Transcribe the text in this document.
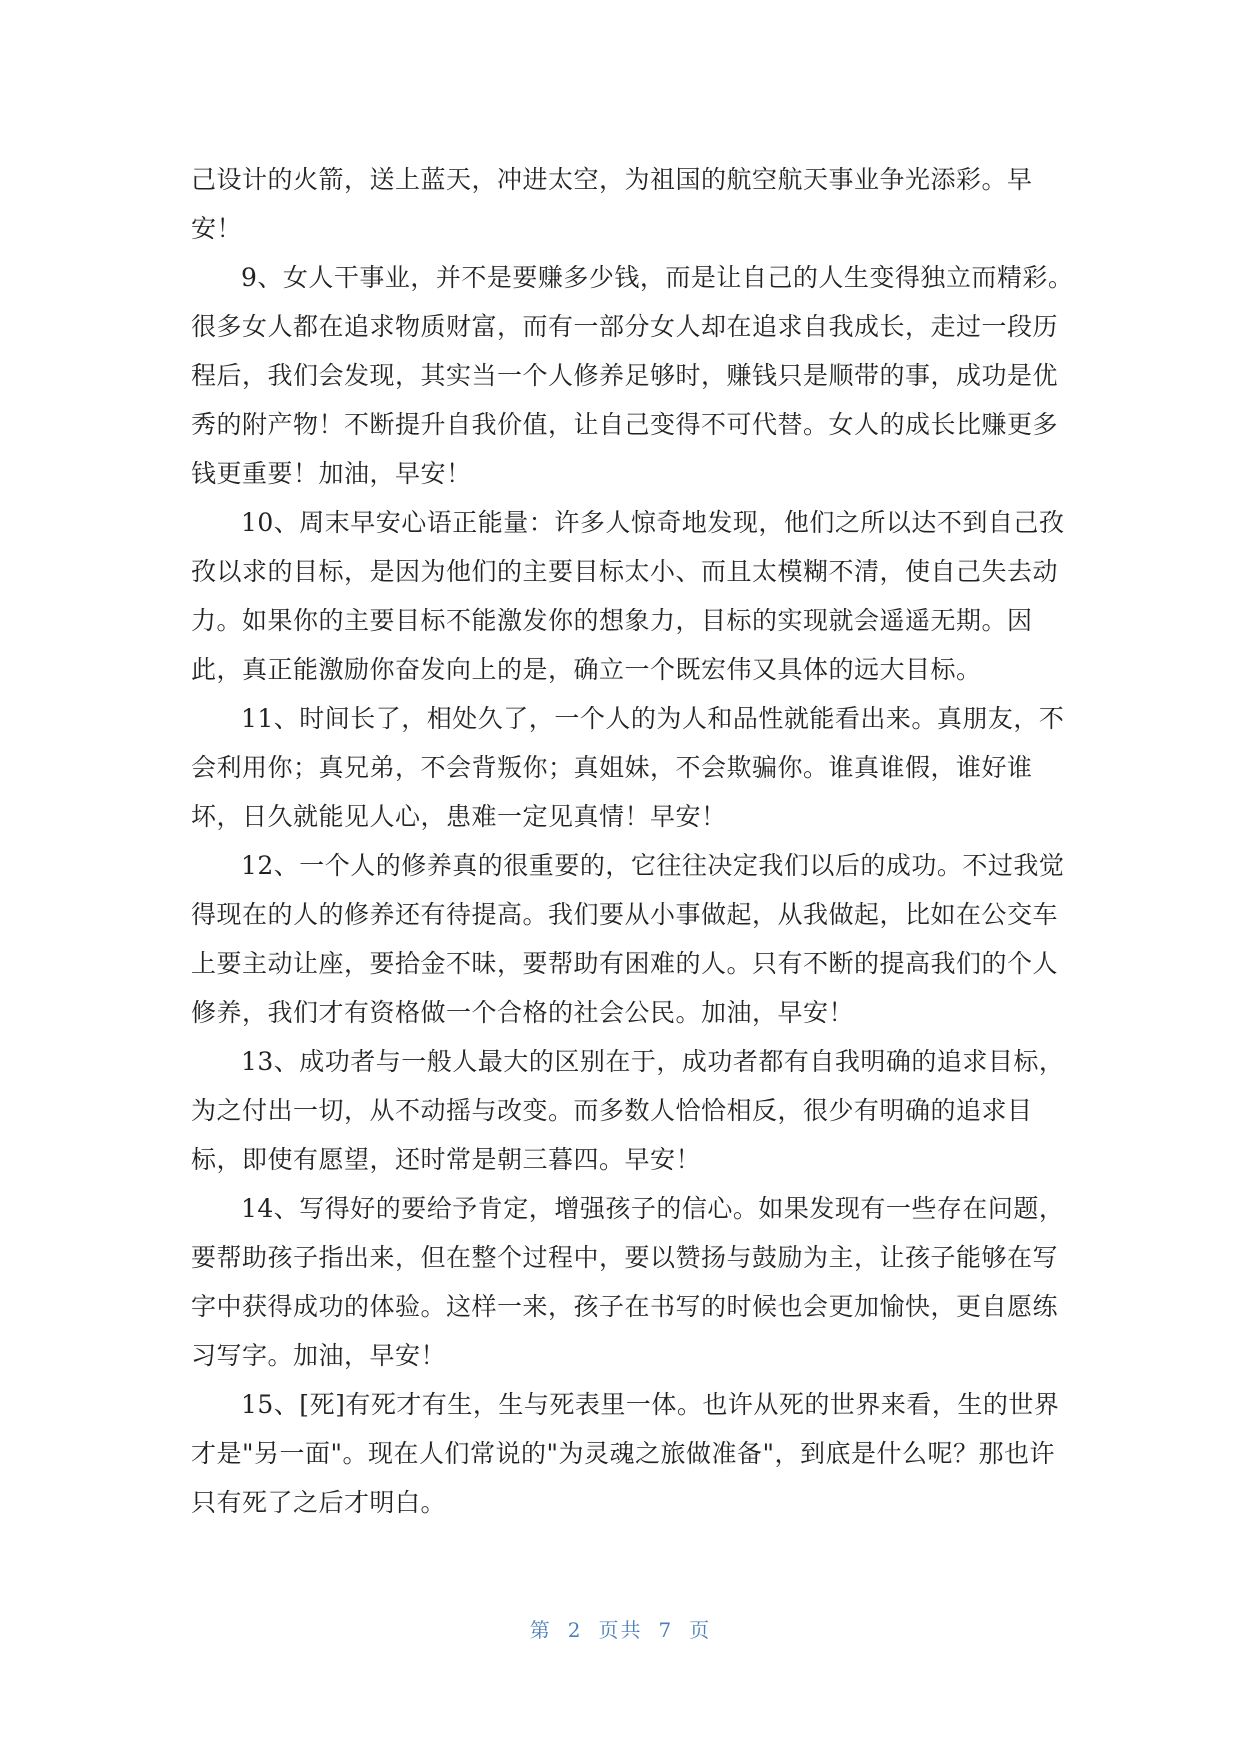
己设计的火箭，送上蓝天，冲进太空，为祖国的航空航天事业争光添彩。早
安！

9、女人干事业，并不是要赚多少钱，而是让自己的人生变得独立而精彩。
很多女人都在追求物质财富，而有一部分女人却在追求自我成长，走过一段历
程后，我们会发现，其实当一个人修养足够时，赚钱只是顺带的事，成功是优
秀的附产物！不断提升自我价值，让自己变得不可代替。女人的成长比赚更多
钱更重要！加油，早安！

10、周末早安心语正能量：许多人惊奇地发现，他们之所以达不到自己孜
孜以求的目标，是因为他们的主要目标太小、而且太模糊不清，使自己失去动
力。如果你的主要目标不能激发你的想象力，目标的实现就会遥遥无期。因
此，真正能激励你奋发向上的是，确立一个既宏伟又具体的远大目标。

11、时间长了，相处久了，一个人的为人和品性就能看出来。真朋友，不
会利用你；真兄弟，不会背叛你；真姐妹，不会欺骗你。谁真谁假，谁好谁
坏，日久就能见人心，患难一定见真情！早安！

12、一个人的修养真的很重要的，它往往决定我们以后的成功。不过我觉
得现在的人的修养还有待提高。我们要从小事做起，从我做起，比如在公交车
上要主动让座，要拾金不昧，要帮助有困难的人。只有不断的提高我们的个人
修养，我们才有资格做一个合格的社会公民。加油，早安！

13、成功者与一般人最大的区别在于，成功者都有自我明确的追求目标，
为之付出一切，从不动摇与改变。而多数人恰恰相反，很少有明确的追求目
标，即使有愿望，还时常是朝三暮四。早安！

14、写得好的要给予肯定，增强孩子的信心。如果发现有一些存在问题，
要帮助孩子指出来，但在整个过程中，要以赞扬与鼓励为主，让孩子能够在写
字中获得成功的体验。这样一来，孩子在书写的时候也会更加愉快，更自愿练
习写字。加油，早安！

15、[死]有死才有生，生与死表里一体。也许从死的世界来看，生的世界
才是"另一面"。现在人们常说的"为灵魂之旅做准备"，到底是什么呢？那也许
只有死了之后才明白。

第 2 页共 7 页
